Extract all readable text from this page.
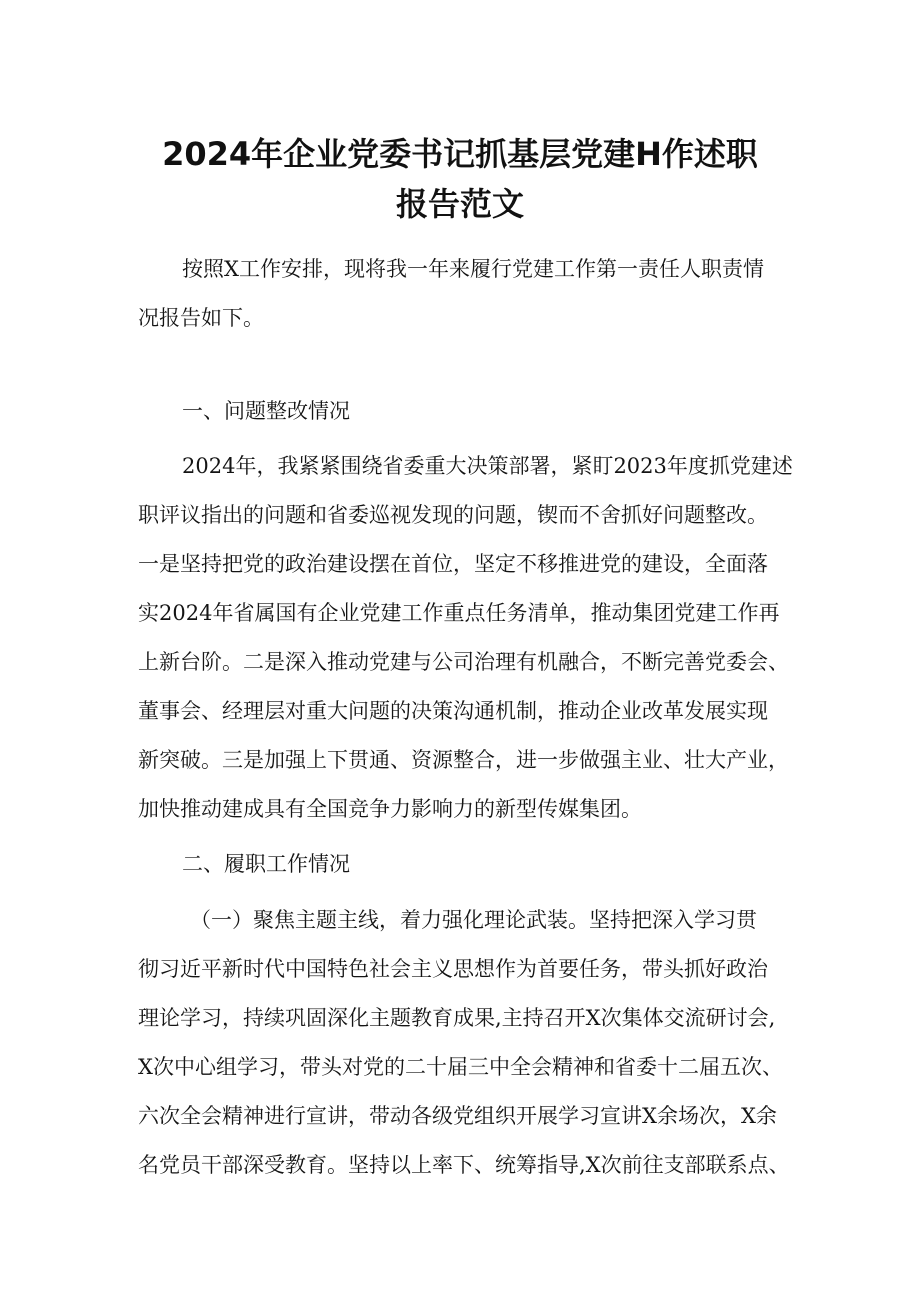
2024年企业党委书记抓基层党建H作述职
报告范文
按照X工作安排，现将我一年来履行党建工作第一责任人职责情
况报告如下。
一、问题整改情况
2024年，我紧紧围绕省委重大决策部署，紧盯2023年度抓党建述
职评议指出的问题和省委巡视发现的问题，锲而不舍抓好问题整改。
一是坚持把党的政治建设摆在首位，坚定不移推进党的建设，全面落
实2024年省属国有企业党建工作重点任务清单，推动集团党建工作再
上新台阶。二是深入推动党建与公司治理有机融合，不断完善党委会、
董事会、经理层对重大问题的决策沟通机制，推动企业改革发展实现
新突破。三是加强上下贯通、资源整合，进一步做强主业、壮大产业，
加快推动建成具有全国竞争力影响力的新型传媒集团。
二、履职工作情况
（一）聚焦主题主线，着力强化理论武装。坚持把深入学习贯
彻习近平新时代中国特色社会主义思想作为首要任务，带头抓好政治
理论学习，持续巩固深化主题教育成果,主持召开X次集体交流研讨会,
X次中心组学习，带头对党的二十届三中全会精神和省委十二届五次、
六次全会精神进行宣讲，带动各级党组织开展学习宣讲X余场次，X余
名党员干部深受教育。坚持以上率下、统筹指导,X次前往支部联系点、
